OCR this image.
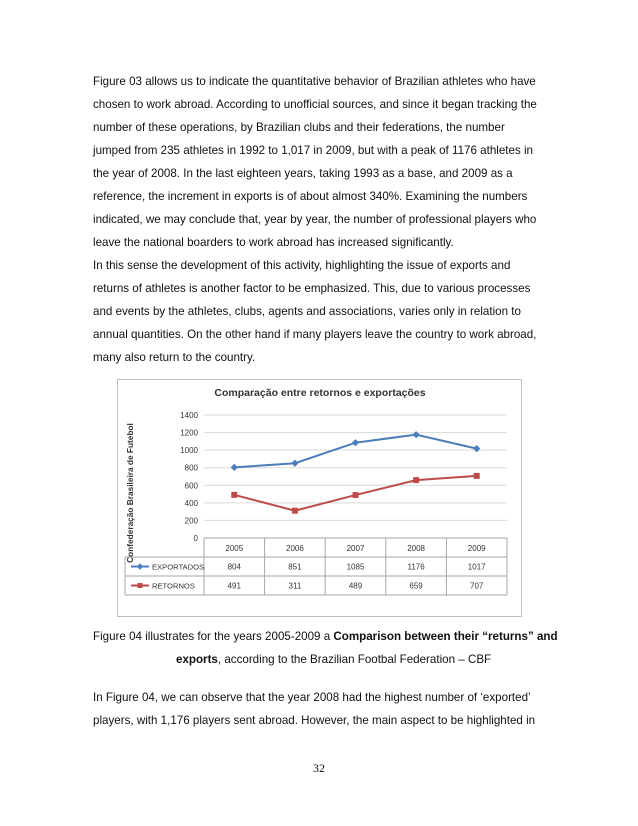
Figure 03 allows us to indicate the quantitative behavior of Brazilian athletes who have
chosen to work abroad. According to unofficial sources, and since it began tracking the
number of these operations, by Brazilian clubs and their federations, the number
jumped from 235 athletes in 1992 to 1,017 in 2009, but with a peak of 1176 athletes in
the year of 2008. In the last eighteen years, taking 1993 as a base, and 2009 as a
reference, the increment in exports is of about almost 340%. Examining the numbers
indicated, we may conclude that, year by year, the number of professional players who
leave the national boarders to work abroad has increased significantly.
In this sense the development of this activity, highlighting the issue of exports and
returns of athletes is another factor to be emphasized. This, due to various processes
and events by the athletes, clubs, agents and associations, varies only in relation to
annual quantities. On the other hand if many players leave the country to work abroad,
many also return to the country.
Comparação entre retornos e exportações
Confederação Brasileira de Futebol	0
200
400
600
800
1000
1200
1400
2005	2006	2007	2008	2009
EXPORTADOS	804	851	1085	1176	1017
RETORNOS	491	311	489	659	707
Figure 04 illustrates for the years 2005-2009 a Comparison between their “returns” and
exports, according to the Brazilian Footbal Federation – CBF
In Figure 04, we can observe that the year 2008 had the highest number of ‘exported’
players, with 1,176 players sent abroad. However, the main aspect to be highlighted in
32
